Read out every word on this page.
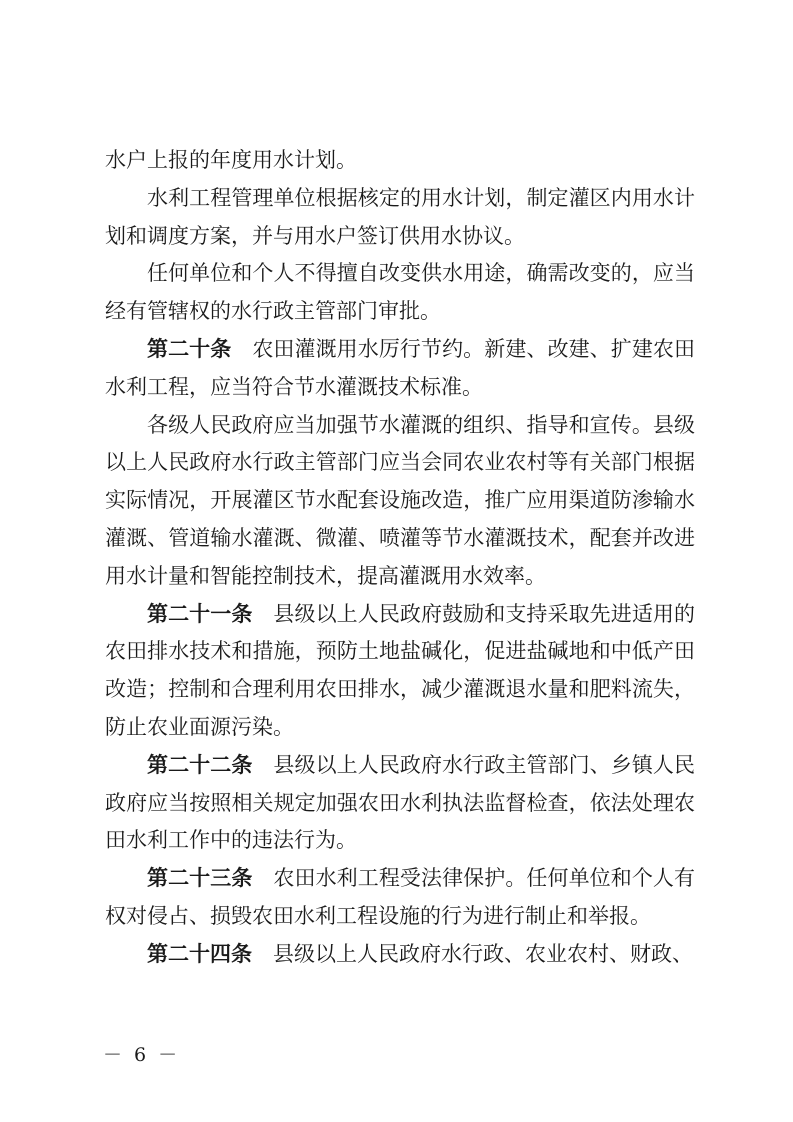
水户上报的年度用水计划。

水利工程管理单位根据核定的用水计划，制定灌区内用水计划和调度方案，并与用水户签订供用水协议。

任何单位和个人不得擅自改变供水用途，确需改变的，应当经有管辖权的水行政主管部门审批。

第二十条 农田灌溉用水厉行节约。新建、改建、扩建农田水利工程，应当符合节水灌溉技术标准。

各级人民政府应当加强节水灌溉的组织、指导和宣传。县级以上人民政府水行政主管部门应当会同农业农村等有关部门根据实际情况，开展灌区节水配套设施改造，推广应用渠道防渗输水灌溉、管道输水灌溉、微灌、喷灌等节水灌溉技术，配套并改进用水计量和智能控制技术，提高灌溉用水效率。

第二十一条 县级以上人民政府鼓励和支持采取先进适用的农田排水技术和措施，预防土地盐碱化，促进盐碱地和中低产田改造；控制和合理利用农田排水，减少灌溉退水量和肥料流失，防止农业面源污染。

第二十二条 县级以上人民政府水行政主管部门、乡镇人民政府应当按照相关规定加强农田水利执法监督检查，依法处理农田水利工作中的违法行为。

第二十三条 农田水利工程受法律保护。任何单位和个人有权对侵占、损毁农田水利工程设施的行为进行制止和举报。

第二十四条 县级以上人民政府水行政、农业农村、财政、

－ 6 －
